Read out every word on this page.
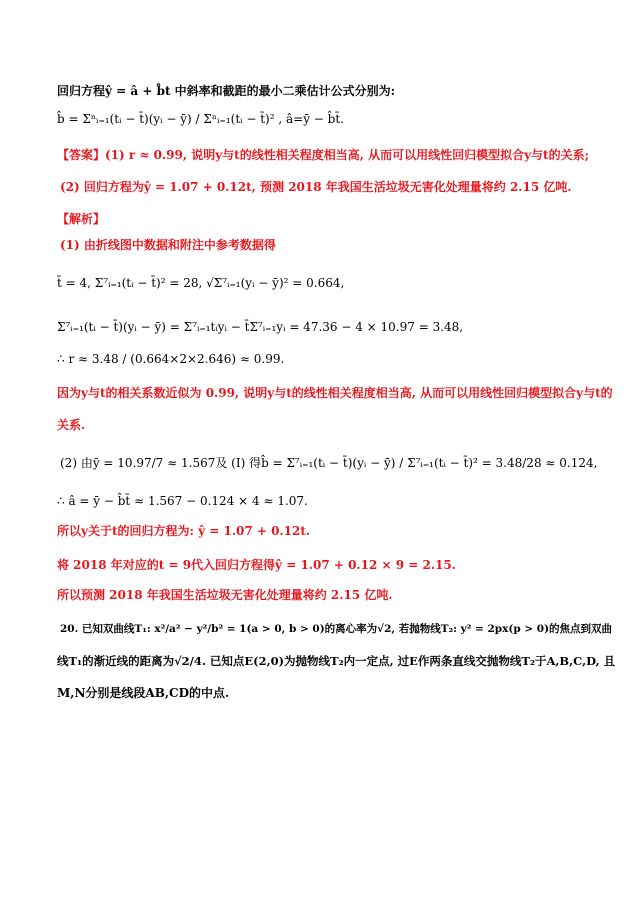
回归方程ŷ = â + b̂t 中斜率和截距的最小二乘估计公式分别为:
b̂ = Σⁿᵢ₌₁(tᵢ − t̄)(yᵢ − ȳ) / Σⁿᵢ₌₁(tᵢ − t̄)² , â=ȳ − b̂t̄.
【答案】(1) r ≈ 0.99, 说明y与t的线性相关程度相当高, 从而可以用线性回归模型拟合y与t的关系;
(2) 回归方程为ŷ = 1.07 + 0.12t, 预测 2018 年我国生活垃圾无害化处理量将约 2.15 亿吨.
【解析】
(1) 由折线图中数据和附注中参考数据得
t̄ = 4, Σ⁷ᵢ₌₁(tᵢ − t̄)² = 28, √Σ⁷ᵢ₌₁(yᵢ − ȳ)² = 0.664,
Σ⁷ᵢ₌₁(tᵢ − t̄)(yᵢ − ȳ) = Σ⁷ᵢ₌₁tᵢyᵢ − t̄Σ⁷ᵢ₌₁yᵢ = 47.36 − 4 × 10.97 = 3.48,
∴ r ≈ 3.48 / (0.664×2×2.646) ≈ 0.99.
因为y与t的相关系数近似为 0.99, 说明y与t的线性相关程度相当高, 从而可以用线性回归模型拟合y与t的
关系.
(2) 由ȳ = 10.97/7 ≈ 1.567及 (Ⅰ) 得b̂ = Σ⁷ᵢ₌₁(tᵢ − t̄)(yᵢ − ȳ) / Σ⁷ᵢ₌₁(tᵢ − t̄)² = 3.48/28 ≈ 0.124,
∴ â = ȳ − b̂t̄ ≈ 1.567 − 0.124 × 4 ≈ 1.07.
所以y关于t的回归方程为: ŷ = 1.07 + 0.12t.
将 2018 年对应的t = 9代入回归方程得ŷ = 1.07 + 0.12 × 9 = 2.15.
所以预测 2018 年我国生活垃圾无害化处理量将约 2.15 亿吨.
20. 已知双曲线T₁: x²/a² − y²/b² = 1(a > 0, b > 0)的离心率为√2, 若抛物线T₂: y² = 2px(p > 0)的焦点到双曲
线T₁的渐近线的距离为√2/4. 已知点E(2,0)为抛物线T₂内一定点, 过E作两条直线交抛物线T₂于A,B,C,D, 且
M,N分别是线段AB,CD的中点.
